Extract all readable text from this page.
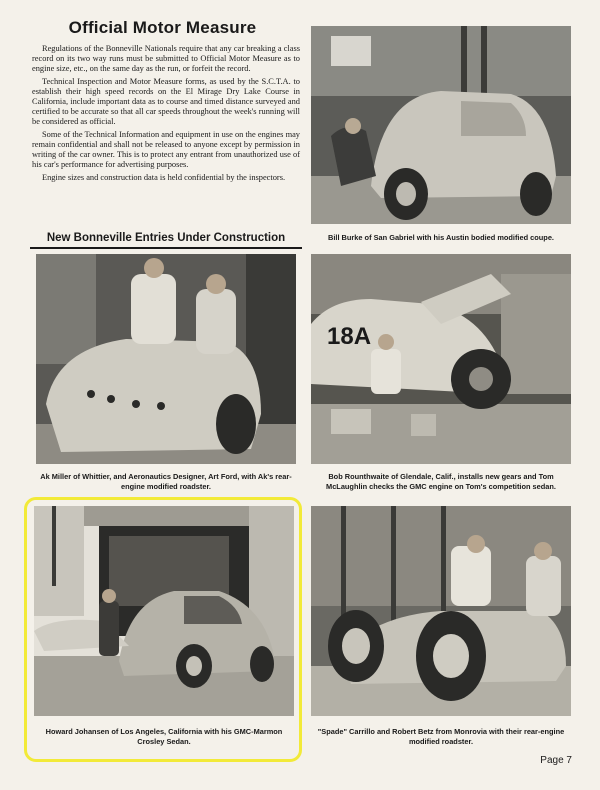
Official Motor Measure

Regulations of the Bonneville Nationals require that any car breaking a class record on its two way runs must be submitted to Official Motor Measure as to engine size, etc., on the same day as the run, or forfeit the record.

Technical Inspection and Motor Measure forms, as used by the S.C.T.A. to establish their high speed records on the El Mirage Dry Lake Course in California, include important data as to course and timed distance surveyed and certified to be accurate so that all car speeds throughout the week's running will be considered as official.

Some of the Technical Information and equipment in use on the engines may remain confidential and shall not be released to anyone except by permission in writing of the car owner. This is to protect any entrant from unauthorized use of his car's performance for advertising purposes.

Engine sizes and construction data is held confidential by the inspectors.

New Bonneville Entries Under Construction	Bill Burke of San Gabriel with his Austin bodied modified coupe.
Ak Miller of Whittier, and Aeronautics Designer, Art Ford, with Ak's rear-engine modified roadster.
18A
Bob Rounthwaite of Glendale, Calif., installs new gears and Tom McLaughlin checks the GMC engine on Tom's competition sedan.
Howard Johansen of Los Angeles, California with his GMC-Marmon Crosley Sedan.
"Spade" Carrillo and Robert Betz from Monrovia with their rear-engine modified roadster.
Page 7
